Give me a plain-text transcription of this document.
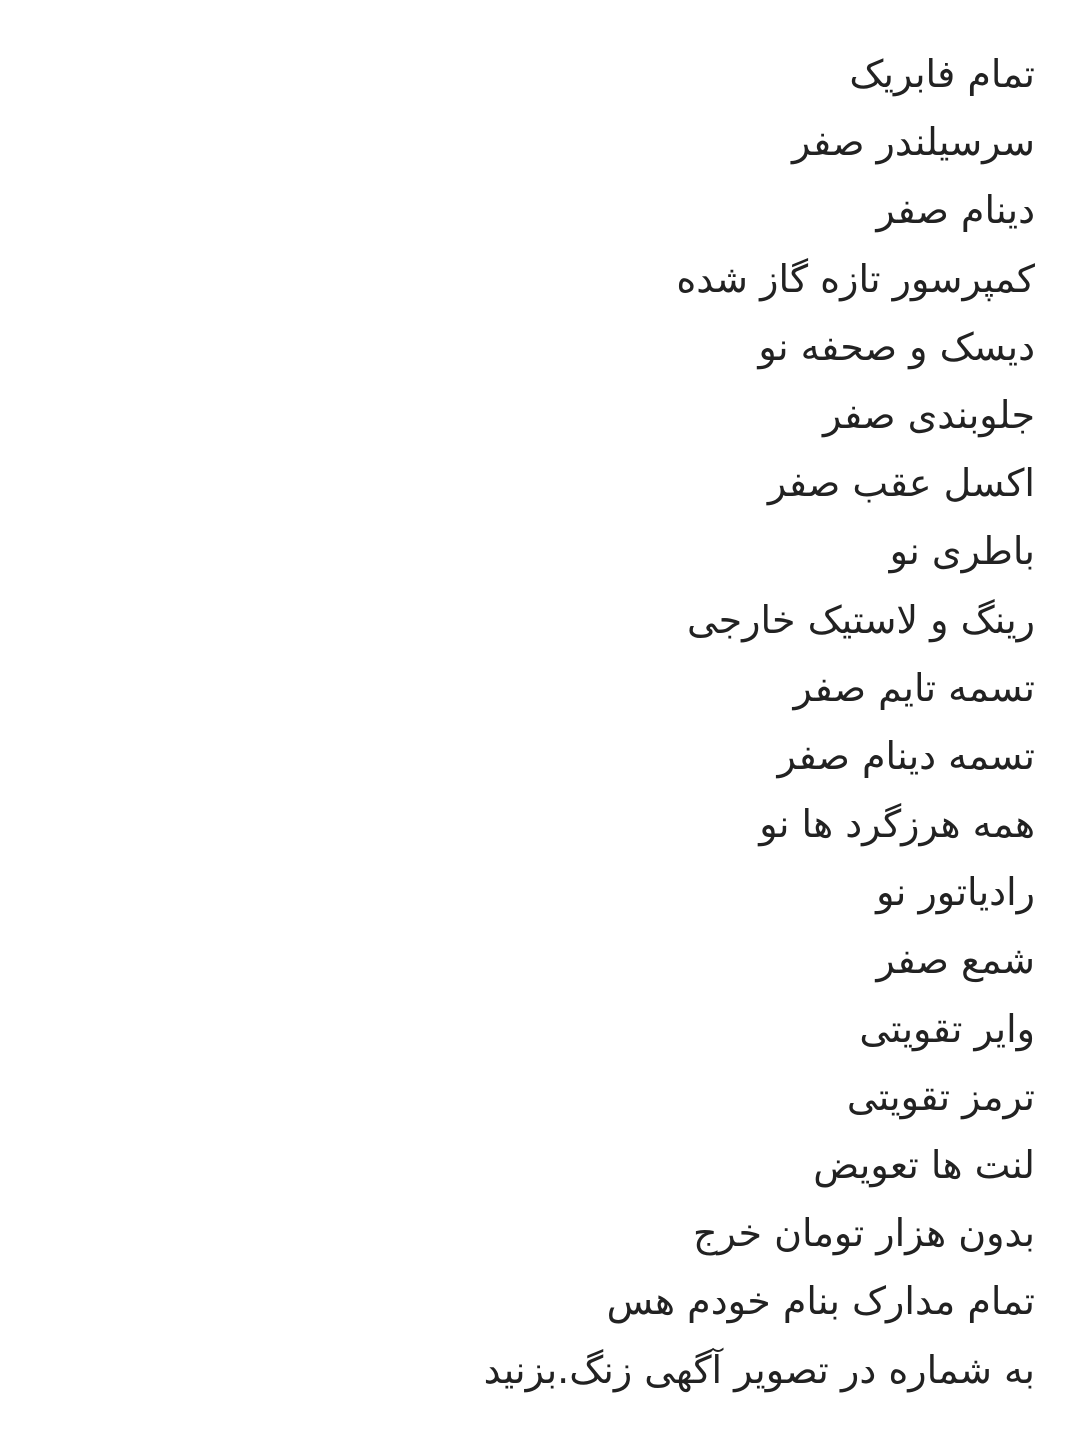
تمام فابریک
سرسیلندر صفر
دینام صفر
کمپرسور تازه گاز شده
دیسک و صحفه نو
جلوبندی صفر
اکسل عقب صفر
باطری نو
رینگ و لاستیک خارجی
تسمه تایم صفر
تسمه دینام صفر
همه هرزگرد ها نو
رادیاتور نو
شمع صفر
وایر تقویتی
ترمز تقویتی
لنت ها تعویض
بدون هزار تومان خرج
تمام مدارک بنام خودم هس
به شماره در تصویر آگهی زنگ.بزنید
